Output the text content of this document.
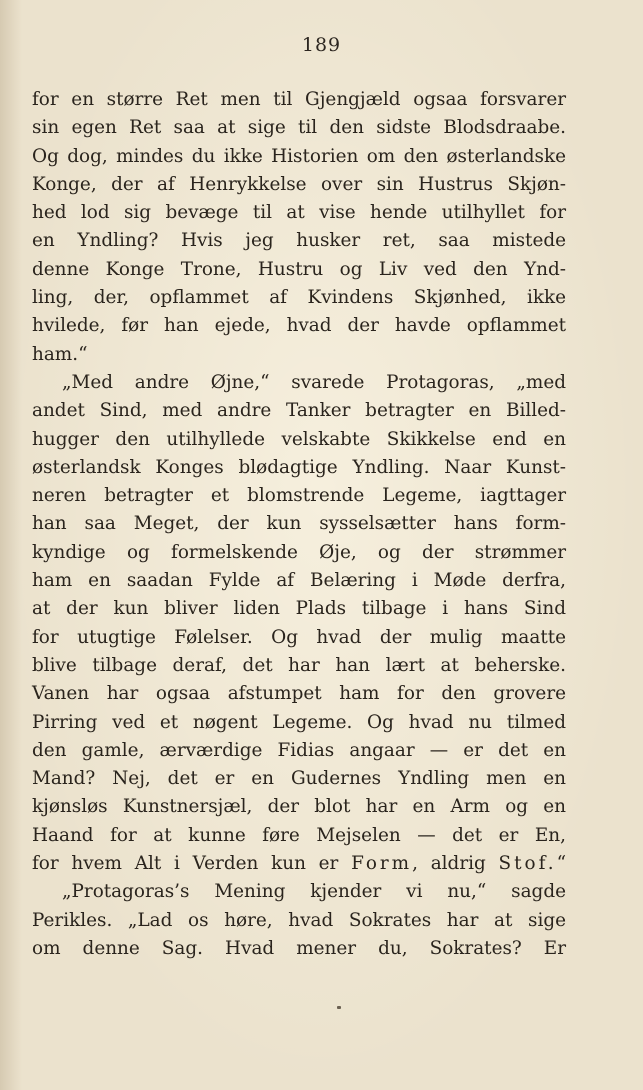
189
for en større Ret men til Gjengjæld ogsaa forsvarer
sin egen Ret saa at sige til den sidste Blodsdraabe.
Og dog, mindes du ikke Historien om den østerlandske
Konge, der af Henrykkelse over sin Hustrus Skjøn-
hed lod sig bevæge til at vise hende utilhyllet for
en Yndling? Hvis jeg husker ret, saa mistede
denne Konge Trone, Hustru og Liv ved den Ynd-
ling, der, opflammet af Kvindens Skjønhed, ikke
hvilede, før han ejede, hvad der havde opflammet
ham.“
„Med andre Øjne,“ svarede Protagoras, „med
andet Sind, med andre Tanker betragter en Billed-
hugger den utilhyllede velskabte Skikkelse end en
østerlandsk Konges blødagtige Yndling. Naar Kunst-
neren betragter et blomstrende Legeme, iagttager
han saa Meget, der kun sysselsætter hans form-
kyndige og formelskende Øje, og der strømmer
ham en saadan Fylde af Belæring i Møde derfra,
at der kun bliver liden Plads tilbage i hans Sind
for utugtige Følelser. Og hvad der mulig maatte
blive tilbage deraf, det har han lært at beherske.
Vanen har ogsaa afstumpet ham for den grovere
Pirring ved et nøgent Legeme. Og hvad nu tilmed
den gamle, ærværdige Fidias angaar — er det en
Mand? Nej, det er en Gudernes Yndling men en
kjønsløs Kunstnersjæl, der blot har en Arm og en
Haand for at kunne føre Mejselen — det er En,
for hvem Alt i Verden kun er Form, aldrig Stof.“
„Protagoras’s Mening kjender vi nu,“ sagde
Perikles. „Lad os høre, hvad Sokrates har at sige
om denne Sag. Hvad mener du, Sokrates? Er
